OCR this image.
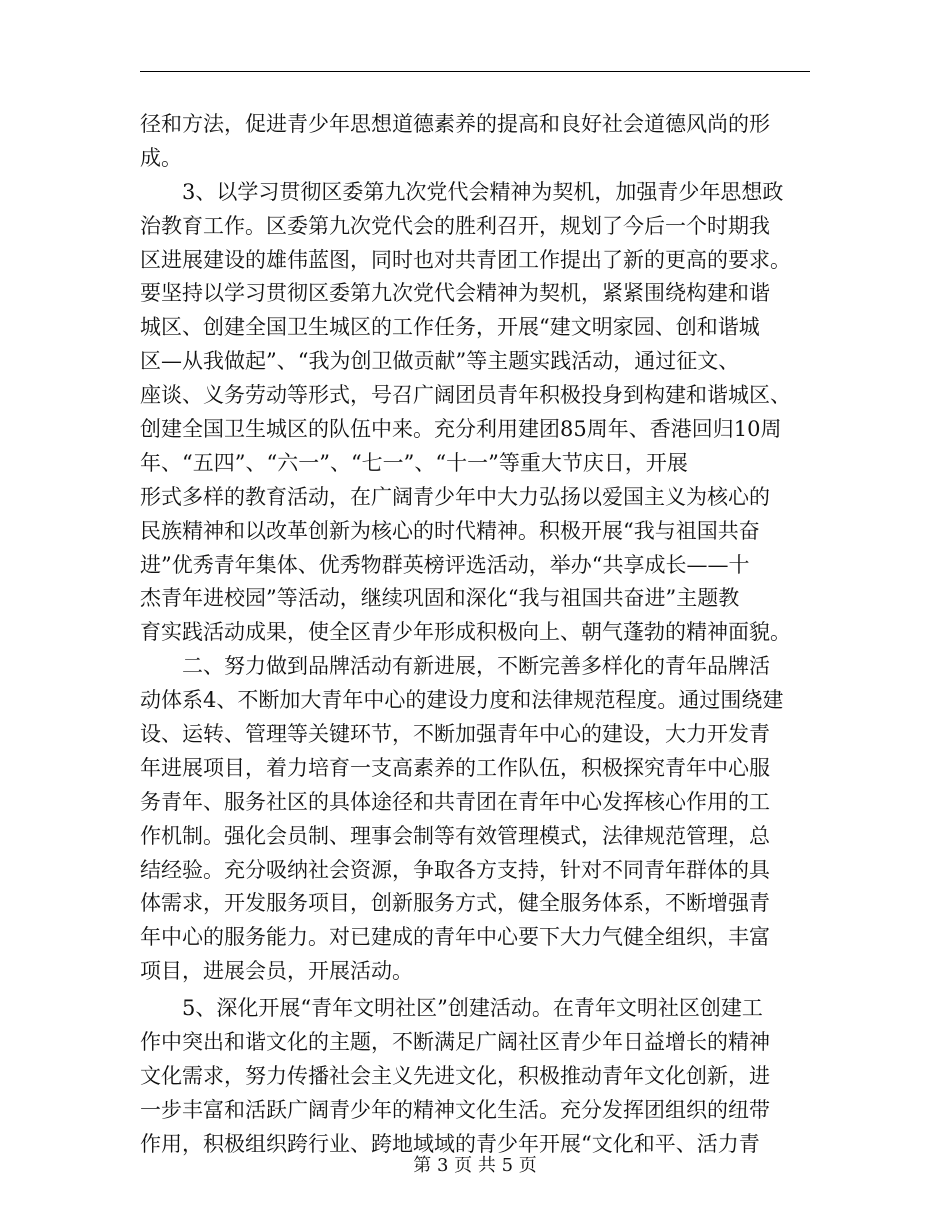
径和方法，促进青少年思想道德素养的提高和良好社会道德风尚的形
成。
　　3、以学习贯彻区委第九次党代会精神为契机，加强青少年思想政
治教育工作。区委第九次党代会的胜利召开，规划了今后一个时期我
区进展建设的雄伟蓝图，同时也对共青团工作提出了新的更高的要求。
要坚持以学习贯彻区委第九次党代会精神为契机，紧紧围绕构建和谐
城区、创建全国卫生城区的工作任务，开展“建文明家园、创和谐城
区—从我做起”、“我为创卫做贡献”等主题实践活动，通过征文、
座谈、义务劳动等形式，号召广阔团员青年积极投身到构建和谐城区、
创建全国卫生城区的队伍中来。充分利用建团85周年、香港回归10周
年、“五四”、“六一”、“七一”、“十一”等重大节庆日，开展
形式多样的教育活动，在广阔青少年中大力弘扬以爱国主义为核心的
民族精神和以改革创新为核心的时代精神。积极开展“我与祖国共奋
进”优秀青年集体、优秀物群英榜评选活动，举办“共享成长——十
杰青年进校园”等活动，继续巩固和深化“我与祖国共奋进”主题教
育实践活动成果，使全区青少年形成积极向上、朝气蓬勃的精神面貌。
　　二、努力做到品牌活动有新进展，不断完善多样化的青年品牌活
动体系4、不断加大青年中心的建设力度和法律规范程度。通过围绕建
设、运转、管理等关键环节，不断加强青年中心的建设，大力开发青
年进展项目，着力培育一支高素养的工作队伍，积极探究青年中心服
务青年、服务社区的具体途径和共青团在青年中心发挥核心作用的工
作机制。强化会员制、理事会制等有效管理模式，法律规范管理，总
结经验。充分吸纳社会资源，争取各方支持，针对不同青年群体的具
体需求，开发服务项目，创新服务方式，健全服务体系，不断增强青
年中心的服务能力。对已建成的青年中心要下大力气健全组织，丰富
项目，进展会员，开展活动。
　　5、深化开展“青年文明社区”创建活动。在青年文明社区创建工
作中突出和谐文化的主题，不断满足广阔社区青少年日益增长的精神
文化需求，努力传播社会主义先进文化，积极推动青年文化创新，进
一步丰富和活跃广阔青少年的精神文化生活。充分发挥团组织的纽带
作用，积极组织跨行业、跨地域域的青少年开展“文化和平、活力青
第 3 页 共 5 页
